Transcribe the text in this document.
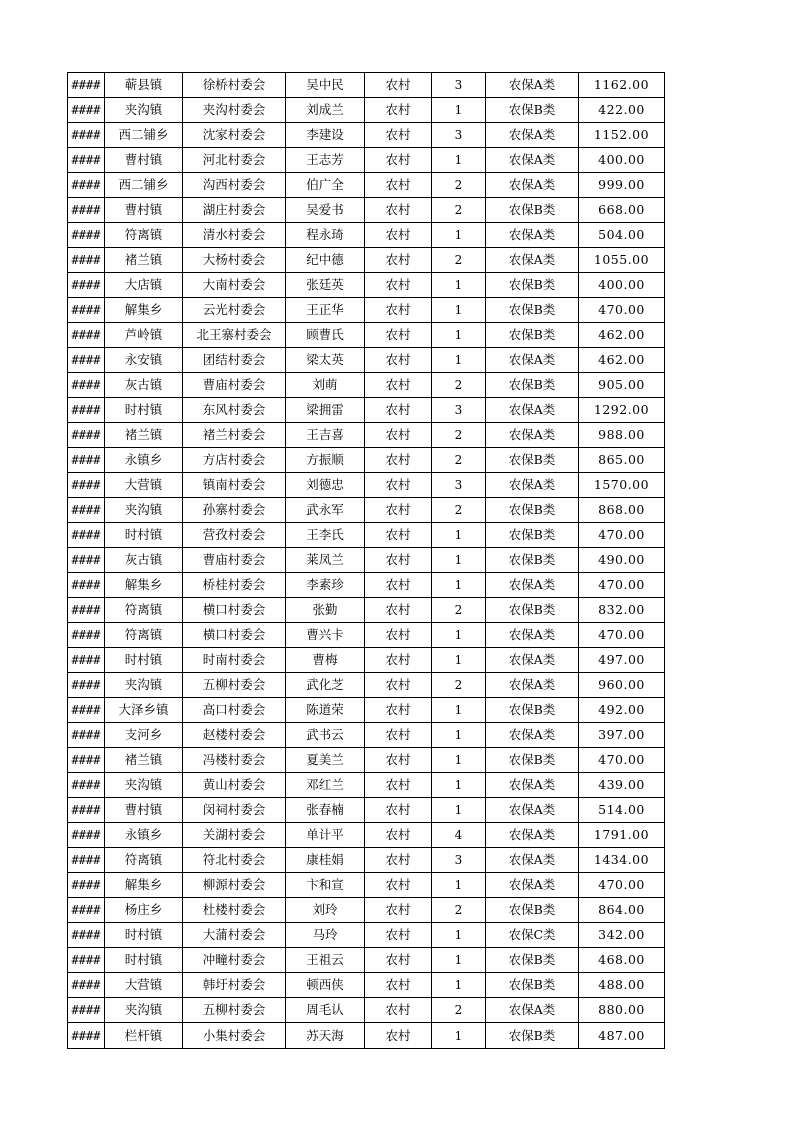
####	蕲县镇	徐桥村委会	吴中民	农村	3	农保A类	1162.00
####	夹沟镇	夹沟村委会	刘成兰	农村	1	农保B类	422.00
####	西二铺乡	沈家村委会	李建设	农村	3	农保A类	1152.00
####	曹村镇	河北村委会	王志芳	农村	1	农保A类	400.00
####	西二铺乡	沟西村委会	伯广全	农村	2	农保A类	999.00
####	曹村镇	湖庄村委会	吴爱书	农村	2	农保B类	668.00
####	符离镇	清水村委会	程永琦	农村	1	农保A类	504.00
####	褚兰镇	大杨村委会	纪中德	农村	2	农保A类	1055.00
####	大店镇	大南村委会	张廷英	农村	1	农保B类	400.00
####	解集乡	云光村委会	王正华	农村	1	农保B类	470.00
####	芦岭镇	北王寨村委会	顾曹氏	农村	1	农保B类	462.00
####	永安镇	团结村委会	梁太英	农村	1	农保A类	462.00
####	灰古镇	曹庙村委会	刘萌	农村	2	农保B类	905.00
####	时村镇	东风村委会	梁拥雷	农村	3	农保A类	1292.00
####	褚兰镇	褚兰村委会	王吉喜	农村	2	农保A类	988.00
####	永镇乡	方店村委会	方振顺	农村	2	农保B类	865.00
####	大营镇	镇南村委会	刘德忠	农村	3	农保A类	1570.00
####	夹沟镇	孙寨村委会	武永军	农村	2	农保B类	868.00
####	时村镇	营孜村委会	王李氏	农村	1	农保B类	470.00
####	灰古镇	曹庙村委会	莱凤兰	农村	1	农保B类	490.00
####	解集乡	桥桂村委会	李素珍	农村	1	农保A类	470.00
####	符离镇	横口村委会	张勤	农村	2	农保B类	832.00
####	符离镇	横口村委会	曹兴卡	农村	1	农保A类	470.00
####	时村镇	时南村委会	曹梅	农村	1	农保A类	497.00
####	夹沟镇	五柳村委会	武化芝	农村	2	农保A类	960.00
####	大泽乡镇	高口村委会	陈道荣	农村	1	农保B类	492.00
####	支河乡	赵楼村委会	武书云	农村	1	农保A类	397.00
####	褚兰镇	冯楼村委会	夏美兰	农村	1	农保B类	470.00
####	夹沟镇	黄山村委会	邓红兰	农村	1	农保A类	439.00
####	曹村镇	闵祠村委会	张春楠	农村	1	农保A类	514.00
####	永镇乡	关湖村委会	单计平	农村	4	农保A类	1791.00
####	符离镇	符北村委会	康桂娟	农村	3	农保A类	1434.00
####	解集乡	柳源村委会	卞和宣	农村	1	农保A类	470.00
####	杨庄乡	杜楼村委会	刘玲	农村	2	农保B类	864.00
####	时村镇	大蒲村委会	马玲	农村	1	农保C类	342.00
####	时村镇	冲疃村委会	王祖云	农村	1	农保B类	468.00
####	大营镇	韩圩村委会	顿西侠	农村	1	农保B类	488.00
####	夹沟镇	五柳村委会	周毛认	农村	2	农保A类	880.00
####	栏杆镇	小集村委会	苏天海	农村	1	农保B类	487.00
